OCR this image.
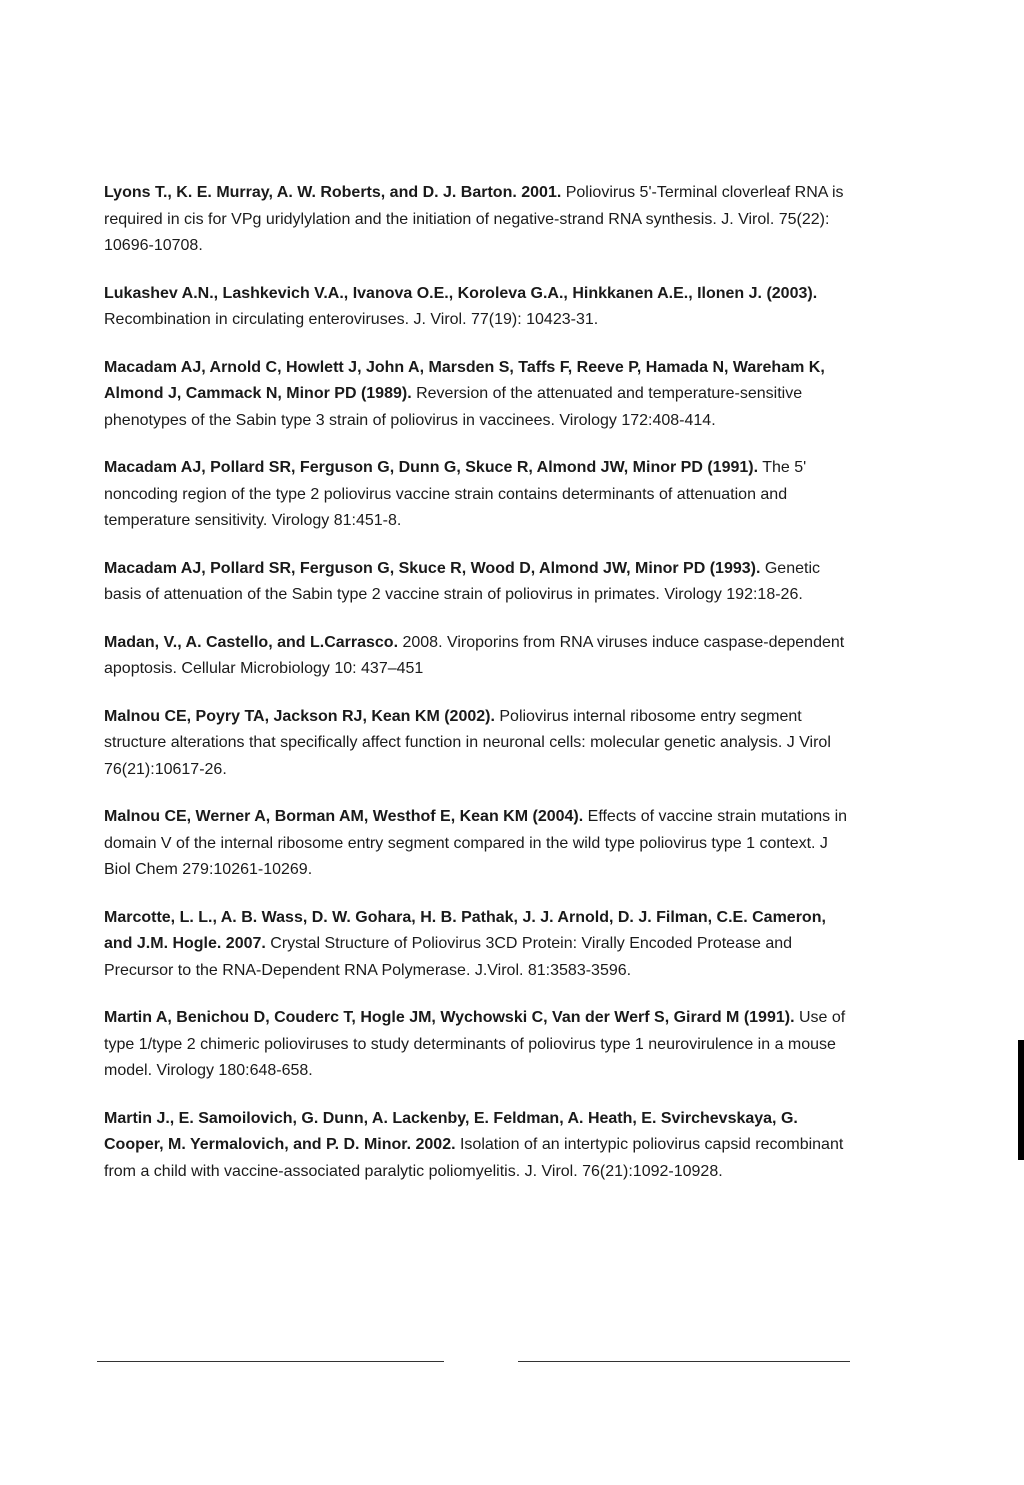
Lyons T., K. E. Murray, A. W. Roberts, and D. J. Barton. 2001. Poliovirus 5'-Terminal cloverleaf RNA is required in cis for VPg uridylylation and the initiation of negative-strand RNA synthesis. J. Virol. 75(22): 10696-10708.

Lukashev A.N., Lashkevich V.A., Ivanova O.E., Koroleva G.A., Hinkkanen A.E., Ilonen J. (2003). Recombination in circulating enteroviruses. J. Virol. 77(19): 10423-31.

Macadam AJ, Arnold C, Howlett J, John A, Marsden S, Taffs F, Reeve P, Hamada N, Wareham K, Almond J, Cammack N, Minor PD (1989). Reversion of the attenuated and temperature-sensitive phenotypes of the Sabin type 3 strain of poliovirus in vaccinees. Virology 172:408-414.

Macadam AJ, Pollard SR, Ferguson G, Dunn G, Skuce R, Almond JW, Minor PD (1991). The 5' noncoding region of the type 2 poliovirus vaccine strain contains determinants of attenuation and temperature sensitivity. Virology 81:451-8.

Macadam AJ, Pollard SR, Ferguson G, Skuce R, Wood D, Almond JW, Minor PD (1993). Genetic basis of attenuation of the Sabin type 2 vaccine strain of poliovirus in primates. Virology 192:18-26.

Madan, V., A. Castello, and L.Carrasco. 2008. Viroporins from RNA viruses induce caspase-dependent apoptosis. Cellular Microbiology 10: 437–451

Malnou CE, Poyry TA, Jackson RJ, Kean KM (2002). Poliovirus internal ribosome entry segment structure alterations that specifically affect function in neuronal cells: molecular genetic analysis. J Virol 76(21):10617-26.

Malnou CE, Werner A, Borman AM, Westhof E, Kean KM (2004). Effects of vaccine strain mutations in domain V of the internal ribosome entry segment compared in the wild type poliovirus type 1 context. J Biol Chem 279:10261-10269.

Marcotte, L. L., A. B. Wass, D. W. Gohara, H. B. Pathak, J. J. Arnold, D. J. Filman, C.E. Cameron, and J.M. Hogle. 2007. Crystal Structure of Poliovirus 3CD Protein: Virally Encoded Protease and Precursor to the RNA-Dependent RNA Polymerase. J.Virol. 81:3583-3596.

Martin A, Benichou D, Couderc T, Hogle JM, Wychowski C, Van der Werf S, Girard M (1991). Use of type 1/type 2 chimeric polioviruses to study determinants of poliovirus type 1 neurovirulence in a mouse model. Virology 180:648-658.

Martin J., E. Samoilovich, G. Dunn, A. Lackenby, E. Feldman, A. Heath, E. Svirchevskaya, G. Cooper, M. Yermalovich, and P. D. Minor. 2002. Isolation of an intertypic poliovirus capsid recombinant from a child with vaccine-associated paralytic poliomyelitis. J. Virol. 76(21):1092-10928.
